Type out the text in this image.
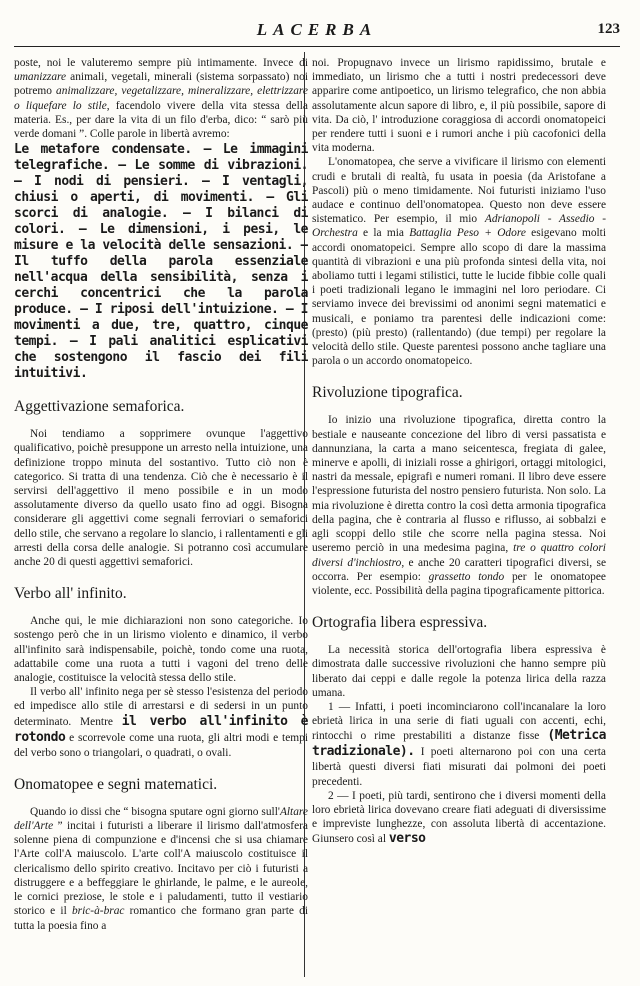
LACERBA	123

poste, noi le valuteremo sempre più intimamente. Invece di umanizzare animali, vegetali, minerali (sistema sorpassato) noi potremo animalizzare, vegetalizzare, mineralizzare, elettrizzare o liquefare lo stile, facendolo vivere della vita stessa della materia. Es., per dare la vita di un filo d'erba, dico: “ sarò più verde domani ”. Colle parole in libertà avremo:

Le metafore condensate. — Le immagini telegrafiche. — Le somme di vibrazioni. — I nodi di pensieri. — I ventagli, chiusi o aperti, di movimenti. — Gli scorci di analogie. — I bilanci di colori. — Le dimensioni, i pesi, le misure e la velocità delle sensazioni. — Il tuffo della parola essenziale nell'acqua della sensibilità, senza i cerchi concentrici che la parola produce. — I riposi dell'intuizione. — I movimenti a due, tre, quattro, cinque tempi. — I pali analitici esplicativi che sostengono il fascio dei fili intuitivi.

Aggettivazione semaforica.

Noi tendiamo a sopprimere ovunque l'aggettivo qualificativo, poichè presuppone un arresto nella intuizione, una definizione troppo minuta del sostantivo. Tutto ciò non è categorico. Si tratta di una tendenza. Ciò che è necessario è il servirsi dell'aggettivo il meno possibile e in un modo assolutamente diverso da quello usato fino ad oggi. Bisogna considerare gli aggettivi come segnali ferroviari o semaforici dello stile, che servano a regolare lo slancio, i rallentamenti e gli arresti della corsa delle analogie. Si potranno così accumulare anche 20 di questi aggettivi semaforici.

Verbo all' infinito.

Anche qui, le mie dichiarazioni non sono categoriche. Io sostengo però che in un lirismo violento e dinamico, il verbo all'infinito sarà indispensabile, poichè, tondo come una ruota, adattabile come una ruota a tutti i vagoni del treno delle analogie, costituisce la velocità stessa dello stile.

Il verbo all' infinito nega per sè stesso l'esistenza del periodo ed impedisce allo stile di arrestarsi e di sedersi in un punto determinato. Mentre il verbo all'infinito è rotondo e scorrevole come una ruota, gli altri modi e tempi del verbo sono o triangolari, o quadrati, o ovali.

Onomatopee e segni matematici.

Quando io dissi che “ bisogna sputare ogni giorno sull'Altare dell'Arte ” incitai i futuristi a liberare il lirismo dall'atmosfera solenne piena di compunzione e d'incensi che si usa chiamare l'Arte coll'A maiuscolo. L'arte coll'A maiuscolo costituisce il clericalismo dello spirito creativo. Incitavo per ciò i futuristi a distruggere e a beffeggiare le ghirlande, le palme, e le aureole, le cornici preziose, le stole e i paludamenti, tutto il vestiario storico e il bric-à-brac romantico che formano gran parte di tutta la poesia fino a

noi. Propugnavo invece un lirismo rapidissimo, brutale e immediato, un lirismo che a tutti i nostri predecessori deve apparire come antipoetico, un lirismo telegrafico, che non abbia assolutamente alcun sapore di libro, e, il più possibile, sapore di vita. Da ciò, l' introduzione coraggiosa di accordi onomatopeici per rendere tutti i suoni e i rumori anche i più cacofonici della vita moderna.

L'onomatopea, che serve a vivificare il lirismo con elementi crudi e brutali di realtà, fu usata in poesia (da Aristofane a Pascoli) più o meno timidamente. Noi futuristi iniziamo l'uso audace e continuo dell'onomatopea. Questo non deve essere sistematico. Per esempio, il mio Adrianopoli - Assedio - Orchestra e la mia Battaglia Peso + Odore esigevano molti accordi onomatopeici. Sempre allo scopo di dare la massima quantità di vibrazioni e una più profonda sintesi della vita, noi aboliamo tutti i legami stilistici, tutte le lucide fibbie colle quali i poeti tradizionali legano le immagini nel loro periodare. Ci serviamo invece dei brevissimi od anonimi segni matematici e musicali, e poniamo tra parentesi delle indicazioni come: (presto) (più presto) (rallentando) (due tempi) per regolare la velocità dello stile. Queste parentesi possono anche tagliare una parola o un accordo onomatopeico.

Rivoluzione tipografica.

Io inizio una rivoluzione tipografica, diretta contro la bestiale e nauseante concezione del libro di versi passatista e dannunziana, la carta a mano seicentesca, fregiata di galee, minerve e apolli, di iniziali rosse a ghirigori, ortaggi mitologici, nastri da messale, epigrafi e numeri romani. Il libro deve essere l'espressione futurista del nostro pensiero futurista. Non solo. La mia rivoluzione è diretta contro la così detta armonia tipografica della pagina, che è contraria al flusso e riflusso, ai sobbalzi e agli scoppi dello stile che scorre nella pagina stessa. Noi useremo perciò in una medesima pagina, tre o quattro colori diversi d'inchiostro, e anche 20 caratteri tipografici diversi, se occorra. Per esempio: grassetto tondo per le onomatopee violente, ecc. Possibilità della pagina tipograficamente pittorica.

Ortografia libera espressiva.

La necessità storica dell'ortografia libera espressiva è dimostrata dalle successive rivoluzioni che hanno sempre più liberato dai ceppi e dalle regole la potenza lirica della razza umana.

1 — Infatti, i poeti incominciarono coll'incanalare la loro ebrietà lirica in una serie di fiati uguali con accenti, echi, rintocchi o rime prestabiliti a distanze fisse (Metrica tradizionale). I poeti alternarono poi con una certa libertà questi diversi fiati misurati dai polmoni dei poeti precedenti.

2 — I poeti, più tardi, sentirono che i diversi momenti della loro ebrietà lirica dovevano creare fiati adeguati di diversissime e impreviste lunghezze, con assoluta libertà di accentazione. Giunsero così al verso
